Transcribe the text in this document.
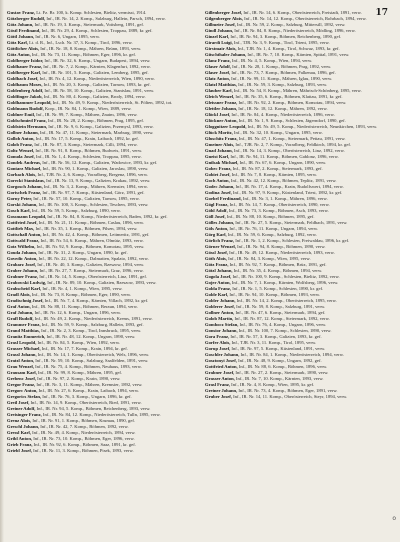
17

Gustav Franz, Lt. Fz. Br. 100, k. Komp. Schlesien, Bielitz, vermisst, 1914.

Götzberger Rudolf, Inf., IR. Nr. 14, 2. Komp., Salzburg, Hallein, Parsch, 1894, verw.

Götz Johann, Inf., IR. Nr. 19, 3. Komp., Steiermark, Voitsberg, 1891, gef.

Göstl Ferdinand, Inf., IR. Nr. 29, 4. Komp., Schlesien, Troppau, 1889, kr. gef.

Göttl Johann, Inf., IR. Nr. 6, Ungarn, 1895, verw.

Götz Karl, Lt. d. R., Inf., Lsch. Nr. 37, 3. Komp., Tirol, 1896, verw.

Göttlicher Alois, Inf., IR. Nr. 18, 8. Komp., Mähren, Brünn, 1893, verw.

Götz Anton, Inf., IR. Nr. 73, 11. Komp., Böhmen, Eger, 1896, kr. gef.

Goldberger Isidor, Inf., IR. Nr. 32, 6. Komp., Ungarn, Budapest, 1894, verw.

Goldbauer Franz, Inf., IR. Nr. 7, 2. Komp., Kärnten, Klagenfurt, 1892, verw.

Goldberger Karl, Inf., IR. Nr. 101, 5. Komp., Galizien, Lemberg, 1895, gef.

Goldbach Josef, Inf., IR. Nr. 4, 12. Komp., Niederösterreich, Wien, 1890, verw.

Goldbaum Moses, Inf., IR. Nr. 20, 3. Komp., Galizien, Tarnow, 1893, kr. gef.

Goldenberg Adolf, Inf., IR. Nr. 58, 10. Komp., Galizien, Stanislau, 1891, verw.

Goldfinger Jakob, Inf., IR. Nr. 80, 4. Komp., Galizien, Brody, 1894, verw.

Goldhammer Leopold, Inf., IR. Nr. 49, 9. Komp., Niederösterreich, St. Pölten, 1892, tot.

Goldmann Rudolf, Korp., IR. Nr. 84, 1. Komp., Wien, 1889, verw.

Goldner Emil, Inf., IR. Nr. 99, 7. Komp., Mähren, Znaim, 1896, verw.

Goldschmied Franz, Inf., IR. Nr. 28, 2. Komp., Böhmen, Prag, 1895, gef.

Goldstein Hermann, Inf., IR. Nr. 9, 6. Komp., Galizien, Przemysl, 1893, verw.

Gollner Johann, Inf., IR. Nr. 47, 11. Komp., Steiermark, Marburg, 1890, verw.

Gollob Anton, Inf., IR. Nr. 17, 5. Komp., Krain, Laibach, 1892, kr. gef.

Golob Franz, Inf., IR. Nr. 87, 3. Komp., Steiermark, Cilli, 1894, verw.

Goltz Wenzel, Inf., IR. Nr. 91, 8. Komp., Böhmen, Budweis, 1891, verw.

Gomola Josef, Inf., IR. Nr. 1, 4. Komp., Schlesien, Troppau, 1895, verw.

Gondek Andreas, Inf., IR. Nr. 56, 12. Komp., Galizien, Wadowice, 1893, kr. gef.

Gontarz Michael, Inf., IR. Nr. 90, 1. Komp., Galizien, Jaroslau, 1890, verw.

Gorbach Alois, Inf., TJR. Nr. 2, 6. Komp., Vorarlberg, Bregenz, 1896, verw.

Gorecki Stanislaus, Inf., IR. Nr. 13, 9. Komp., Galizien, Krakau, 1892, verw.

Gorgosch Johann, Inf., IR. Nr. 3, 2. Komp., Mähren, Kremsier, 1894, verw.

Gorischek Franz, Inf., IR. Nr. 97, 7. Komp., Küstenland, Görz, 1891, gef.

Gorny Peter, Inf., IR. Nr. 57, 10. Komp., Galizien, Tarnow, 1895, verw.

Gorski Johann, Inf., IR. Nr. 100, 3. Komp., Schlesien, Teschen, 1893, verw.

Gosch Karl, Inf., IR. Nr. 59, 5. Komp., Salzburg, 1890, verw.

Gossmann Leopold, Inf., IR. Nr. 84, 8. Komp., Niederösterreich, Baden, 1892, kr. gef.

Gottfried Josef, Inf., IR. Nr. 21, 11. Komp., Böhmen, Caslau, 1896, verw.

Gottlieb Max, Inf., IR. Nr. 35, 1. Komp., Böhmen, Pilsen, 1894, verw.

Gottschall Anton, Inf., IR. Nr. 42, 4. Komp., Böhmen, Leitmeritz, 1891, gef.

Gottwald Franz, Inf., IR. Nr. 54, 6. Komp., Mähren, Olmütz, 1893, verw.

Gotz Wilhelm, Inf., IR. Nr. 92, 9. Komp., Böhmen, Komotau, 1895, verw.

Gouda Johann, Inf., IR. Nr. 31, 2. Komp., Ungarn, 1890, kr. gef.

Govedic Anton, Inf., IR. Nr. 22, 12. Komp., Dalmatien, Spalato, 1892, verw.

Grabarz Josef, Inf., IR. Nr. 40, 3. Komp., Galizien, Rzeszow, 1894, verw.

Graber Johann, Inf., IR. Nr. 27, 7. Komp., Steiermark, Graz, 1896, verw.

Grabner Franz, Inf., IR. Nr. 14, 5. Komp., Oberösterreich, Linz, 1891, gef.

Grabowski Ludwig, Inf., IR. Nr. 89, 10. Komp., Galizien, Rzeszow, 1893, verw.

Grabscheid Karl, Inf., IR. Nr. 4, 1. Komp., Wien, 1895, verw.

Gradl Alois, Inf., IR. Nr. 73, 8. Komp., Böhmen, Eger, 1890, verw.

Gradischnig Josef, Inf., IR. Nr. 7, 4. Komp., Kärnten, Villach, 1892, kr. gef.

Graf Anton, Inf., IR. Nr. 88, 11. Komp., Böhmen, Beraun, 1894, verw.

Graf Johann, Inf., IR. Nr. 12, 6. Komp., Ungarn, 1896, verw.

Grafl Rudolf, Inf., IR. Nr. 49, 2. Komp., Niederösterreich, Krems, 1891, verw.

Grammer Franz, Inf., IR. Nr. 59, 9. Komp., Salzburg, Hallein, 1893, gef.

Grand Matthias, Inf., IR. Nr. 2, 3. Komp., Tirol, Innsbruck, 1895, verw.

Granitz Emmerich, Inf., IR. Nr. 48, 12. Komp., Ungarn, 1890, verw.

Grasl Leopold, Inf., IR. Nr. 84, 5. Komp., Wien, 1892, verw.

Grasser Michael, Inf., IR. Nr. 17, 7. Komp., Krain, 1894, kr. gef.

Grassl Johann, Inf., IR. Nr. 14, 1. Komp., Oberösterreich, Wels, 1896, verw.

Gratzl Anton, Inf., IR. Nr. 59, 10. Komp., Salzburg, Saalfelden, 1891, verw.

Grau Wenzel, Inf., IR. Nr. 75, 4. Komp., Böhmen, Neuhaus, 1893, verw.

Grausam Karl, Inf., IR. Nr. 99, 8. Komp., Mähren, 1895, gef.

Grebenc Josef, Inf., IR. Nr. 97, 2. Komp., Krain, 1890, verw.

Gregor Franz, Inf., IR. Nr. 3, 11. Komp., Mähren, Kremsier, 1892, verw.

Gregorc Anton, Inf., IR. Nr. 27, 6. Komp., Krain, Laibach, 1894, verw.

Gregorics Stefan, Inf., IR. Nr. 76, 3. Komp., Ungarn, 1896, kr. gef.

Greil Josef, Inf., IR. Nr. 14, 9. Komp., Oberösterreich, Ried, 1891, verw.

Greiner Adolf, Inf., IR. Nr. 94, 5. Komp., Böhmen, Reichenberg, 1893, verw.

Greisinger Franz, Inf., IR. Nr. 84, 12. Komp., Niederösterreich, Tulln, 1895, verw.

Grenz Alois, Inf., IR. Nr. 91, 1. Komp., Böhmen, Krumau, 1890, gef.

Greschl Johann, Inf., IR. Nr. 42, 7. Komp., Böhmen, 1892, verw.

Gressl Karl, Inf., IR. Nr. 49, 4. Komp., Niederösterreich, 1894, verw.

Gribl Anton, Inf., IR. Nr. 73, 10. Komp., Böhmen, Eger, 1896, verw.

Grieb Franz, Inf., IR. Nr. 92, 6. Komp., Böhmen, Saaz, 1891, kr. gef.

Griebl Josef, Inf., IR. Nr. 11, 3. Komp., Böhmen, Pisek, 1893, verw.

Gillenberger Josef, Inf., IR. Nr. 14, 6. Komp., Oberösterreich, Freistadt, 1891, verw.

Gilgenberger Alois, Inf., IR. Nr. 14, 12. Komp., Oberösterreich, Rohrbach, 1894, verw.

Gillmeier Josef, Inf., IR. Nr. 59, 2. Komp., Salzburg, Mittersill, 1892, verw.

Gindl Johann, Inf., IR. Nr. 84, 8. Komp., Niederösterreich, Mödling, 1896, verw.

Ginzel Karl, Inf., IR. Nr. 94, 3. Komp., Böhmen, Reichenberg, 1890, gef.

Girardi Luigi, Inf., TJR. Nr. 3, 9. Komp., Tirol, Trient, 1895, verw.

Girstmair Alois, Inf., TJR. Nr. 1, 4. Komp., Tirol, Schwaz, 1893, kr. gef.

Gitschthaler Johann, Inf., IR. Nr. 7, 10. Komp., Kärnten, Spittal, 1891, verw.

Glanz Franz, Inf., IR. Nr. 4, 5. Komp., Wien, 1894, verw.

Glaser Adolf, Inf., IR. Nr. 28, 1. Komp., Böhmen, Prag, 1892, verw.

Glaser Josef, Inf., IR. Nr. 73, 7. Komp., Böhmen, Falkenau, 1896, gef.

Glatz Anton, Inf., IR. Nr. 99, 11. Komp., Mähren, Iglau, 1890, verw.

Glatzl Matthias, Inf., IR. Nr. 59, 3. Komp., Salzburg, 1893, verw.

Glauber Karl, Inf., IR. Nr. 54, 8. Komp., Mähren, Mährisch-Schönberg, 1895, verw.

Gleich Wenzel, Inf., IR. Nr. 35, 6. Komp., Böhmen, Klattau, 1891, kr. gef.

Gleissner Franz, Inf., IR. Nr. 92, 2. Komp., Böhmen, Komotau, 1894, verw.

Glettler Johann, Inf., IR. Nr. 18, 12. Komp., Mähren, 1892, verw.

Glöckl Josef, Inf., IR. Nr. 84, 4. Komp., Niederösterreich, 1896, verw.

Glöckner Anton, Inf., IR. Nr. 1, 9. Komp., Schlesien, Jägerndorf, 1890, gef.

Gloggnitzer Leopold, Inf., IR. Nr. 49, 5. Komp., Niederösterreich, Neunkirchen, 1893, verw.

Glück Moritz, Inf., IR. Nr. 32, 10. Komp., Ungarn, 1895, verw.

Gluschitz Franz, Inf., IR. Nr. 47, 1. Komp., Steiermark, Pettau, 1891, verw.

Gmeiner Alois, Inf., TJR. Nr. 2, 7. Komp., Vorarlberg, Feldkirch, 1894, kr. gef.

Gnad Johann, Inf., IR. Nr. 14, 3. Komp., Oberösterreich, Linz, 1892, verw.

Gneist Karl, Inf., IR. Nr. 94, 11. Komp., Böhmen, Gablonz, 1896, verw.

Gnilsak Michael, Inf., IR. Nr. 67, 6. Komp., Ungarn, 1890, verw.

Gobec Franz, Inf., IR. Nr. 87, 2. Komp., Steiermark, 1893, gef.

Gobiet Josef, Inf., IR. Nr. 7, 8. Komp., Kärnten, 1895, verw.

Goch Anton, Inf., IR. Nr. 42, 12. Komp., Böhmen, Teplitz, 1891, verw.

Godec Johann, Inf., IR. Nr. 17, 4. Komp., Krain, Rudolfswert, 1894, verw.

Godina Josef, Inf., IR. Nr. 97, 9. Komp., Küstenland, Triest, 1892, kr. gef.

Goebel Ferdinand, Inf., IR. Nr. 3, 1. Komp., Mähren, 1896, verw.

Gögl Franz, Inf., IR. Nr. 14, 7. Komp., Oberösterreich, 1890, verw.

Göhl Adolf, Inf., IR. Nr. 73, 3. Komp., Böhmen, Asch, 1893, verw.

Göll Josef, Inf., IR. Nr. 88, 10. Komp., Böhmen, 1895, gef.

Gölles Johann, Inf., IR. Nr. 27, 5. Komp., Steiermark, Feldbach, 1891, verw.

Göls Anton, Inf., IR. Nr. 76, 11. Komp., Ungarn, 1894, verw.

Görg Karl, Inf., IR. Nr. 59, 6. Komp., Salzburg, 1892, verw.

Görlich Franz, Inf., IR. Nr. 1, 2. Komp., Schlesien, Freiwaldau, 1896, kr. gef.

Görner Wenzel, Inf., IR. Nr. 94, 8. Komp., Böhmen, 1890, verw.

Gössl Josef, Inf., IR. Nr. 49, 12. Komp., Niederösterreich, 1893, verw.

Göth Alois, Inf., IR. Nr. 84, 3. Komp., Wien, 1895, verw.

Götz Franz, Inf., IR. Nr. 92, 7. Komp., Böhmen, Brüx, 1891, gef.

Götzl Johann, Inf., IR. Nr. 35, 4. Komp., Böhmen, 1894, verw.

Gogola Josef, Inf., IR. Nr. 100, 9. Komp., Schlesien, Bielitz, 1892, verw.

Gojer Anton, Inf., IR. Nr. 7, 1. Komp., Kärnten, Wolfsberg, 1896, verw.

Golda Franz, Inf., IR. Nr. 1, 5. Komp., Schlesien, 1890, kr. gef.

Golde Karl, Inf., IR. Nr. 94, 10. Komp., Böhmen, 1893, verw.

Golder Johann, Inf., IR. Nr. 14, 2. Komp., Oberösterreich, 1895, verw.

Golderer Josef, Inf., IR. Nr. 59, 8. Komp., Salzburg, 1891, verw.

Gollner Anton, Inf., IR. Nr. 47, 6. Komp., Steiermark, 1894, gef.

Golob Martin, Inf., IR. Nr. 87, 12. Komp., Steiermark, 1892, verw.

Gombocz Stefan, Inf., IR. Nr. 76, 4. Komp., Ungarn, 1896, verw.

Gonsior Johann, Inf., IR. Nr. 100, 7. Komp., Schlesien, 1890, verw.

Gora Franz, Inf., IR. Nr. 57, 3. Komp., Galizien, 1893, kr. gef.

Gorfer Alois, Inf., TJR. Nr. 3, 11. Komp., Tirol, 1895, verw.

Gorup Josef, Inf., IR. Nr. 97, 5. Komp., Küstenland, 1891, verw.

Goschler Johann, Inf., IR. Nr. 84, 1. Komp., Niederösterreich, 1894, verw.

Gosztonyi Josef, Inf., IR. Nr. 48, 9. Komp., Ungarn, 1892, gef.

Gottfried Anton, Inf., IR. Nr. 88, 6. Komp., Böhmen, 1896, verw.

Grabner Josef, Inf., IR. Nr. 27, 2. Komp., Steiermark, 1890, verw.

Grasser Anton, Inf., IR. Nr. 7, 10. Komp., Kärnten, 1893, verw.

Grasl Franz, Inf., IR. Nr. 4, 8. Komp., Wien, 1895, kr. gef.

Greiner Johann, Inf., IR. Nr. 73, 4. Komp., Böhmen, Eger, 1891, verw.

Gruber Josef, Inf., IR. Nr. 14, 11. Komp., Oberösterreich, Steyr, 1894, verw.

o
